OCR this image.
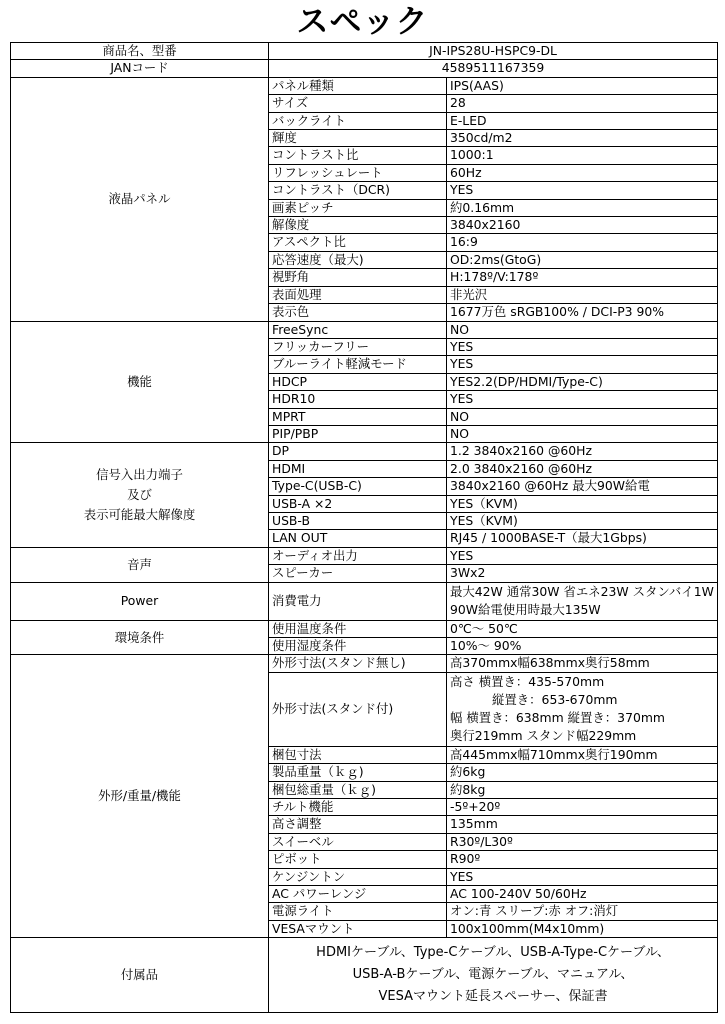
スペック
商品名、型番	JN-IPS28U-HSPC9-DL	
JANコード	4589511167359	

液晶パネル	パネル種類	IPS(AAS)
	サイズ	28
	バックライト	E-LED
	輝度	350cd/m2
	コントラスト比	1000:1
	リフレッシュレート	60Hz
	コントラスト（DCR)	YES
	画素ピッチ	約0.16mm
	解像度	3840x2160
	アスペクト比	16:9
	応答速度（最大)	OD:2ms(GtoG)
	視野角	H:178º/V:178º
	表面処理	非光沢
	表示色	1677万色 sRGB100% / DCI-P3 90%

機能	FreeSync	NO
	フリッカーフリー	YES
	ブルーライト軽減モード	YES
	HDCP	YES2.2(DP/HDMI/Type-C)
	HDR10	YES
	MPRT	NO
	PIP/PBP	NO

信号入出力端子
及び
表示可能最大解像度	DP	1.2 3840x2160 @60Hz
	HDMI	2.0 3840x2160 @60Hz
	Type-C(USB-C)	3840x2160 @60Hz 最大90W給電
	USB-A ×2	YES（KVM)
	USB-B	YES（KVM)
	LAN OUT	RJ45 / 1000BASE-T（最大1Gbps)

音声	オーディオ出力	YES
	スピーカー	3Wx2

Power	消費電力	最大42W 通常30W 省エネ23W スタンバイ1W
90W給電使用時最大135W

環境条件	使用温度条件	0℃～ 50℃
	使用湿度条件	10%～ 90%

外形/重量/機能	外形寸法(スタンド無し)	高370mmx幅638mmx奥行58mm
	外形寸法(スタンド付)	高さ 横置き：435-570mm
縦置き：653-670mm
幅 横置き：638mm 縦置き：370mm
奥行219mm スタンド幅229mm

	梱包寸法	高445mmx幅710mmx奥行190mm
	製品重量（ｋｇ)	約6kg
	梱包総重量（ｋｇ)	約8kg
	チルト機能	-5º+20º
	高さ調整	135mm
	スイーベル	R30º/L30º
	ピボット	R90º
	ケンジントン	YES
	AC パワーレンジ	AC 100-240V 50/60Hz
	電源ライト	オン:青 スリープ:赤 オフ:消灯
	VESAマウント	100x100mm(M4x10mm)
付属品	HDMIケーブル、Type-Cケーブル、USB-A-Type-Cケーブル、
USB-A-Bケーブル、電源ケーブル、マニュアル、
VESAマウント延長スペーサー、保証書	
